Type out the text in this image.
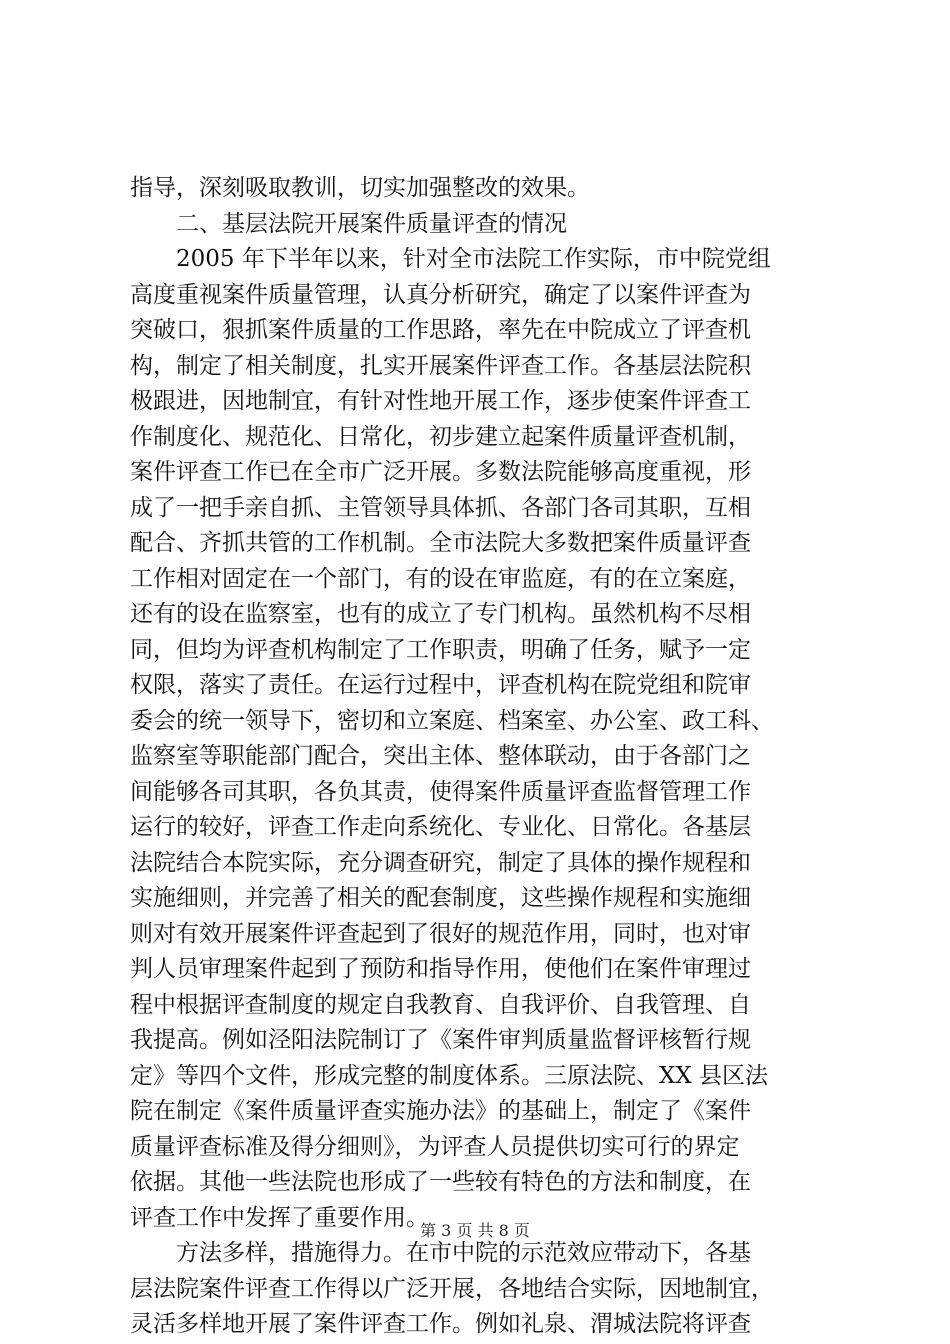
指导，深刻吸取教训，切实加强整改的效果。
二、基层法院开展案件质量评查的情况
2005 年下半年以来，针对全市法院工作实际，市中院党组
高度重视案件质量管理，认真分析研究，确定了以案件评查为
突破口，狠抓案件质量的工作思路，率先在中院成立了评查机
构，制定了相关制度，扎实开展案件评查工作。各基层法院积
极跟进，因地制宜，有针对性地开展工作，逐步使案件评查工
作制度化、规范化、日常化，初步建立起案件质量评查机制，
案件评查工作已在全市广泛开展。多数法院能够高度重视，形
成了一把手亲自抓、主管领导具体抓、各部门各司其职，互相
配合、齐抓共管的工作机制。全市法院大多数把案件质量评查
工作相对固定在一个部门，有的设在审监庭，有的在立案庭，
还有的设在监察室，也有的成立了专门机构。虽然机构不尽相
同，但均为评查机构制定了工作职责，明确了任务，赋予一定
权限，落实了责任。在运行过程中，评查机构在院党组和院审
委会的统一领导下，密切和立案庭、档案室、办公室、政工科、
监察室等职能部门配合，突出主体、整体联动，由于各部门之
间能够各司其职，各负其责，使得案件质量评查监督管理工作
运行的较好，评查工作走向系统化、专业化、日常化。各基层
法院结合本院实际，充分调查研究，制定了具体的操作规程和
实施细则，并完善了相关的配套制度，这些操作规程和实施细
则对有效开展案件评查起到了很好的规范作用，同时，也对审
判人员审理案件起到了预防和指导作用，使他们在案件审理过
程中根据评查制度的规定自我教育、自我评价、自我管理、自
我提高。例如泾阳法院制订了《案件审判质量监督评核暂行规
定》等四个文件，形成完整的制度体系。三原法院、XX 县区法
院在制定《案件质量评查实施办法》的基础上，制定了《案件
质量评查标准及得分细则》，为评查人员提供切实可行的界定
依据。其他一些法院也形成了一些较有特色的方法和制度，在
评查工作中发挥了重要作用。
方法多样，措施得力。在市中院的示范效应带动下，各基
层法院案件评查工作得以广泛开展，各地结合实际，因地制宜，
灵活多样地开展了案件评查工作。例如礼泉、渭城法院将评查
第 3 页 共 8 页
